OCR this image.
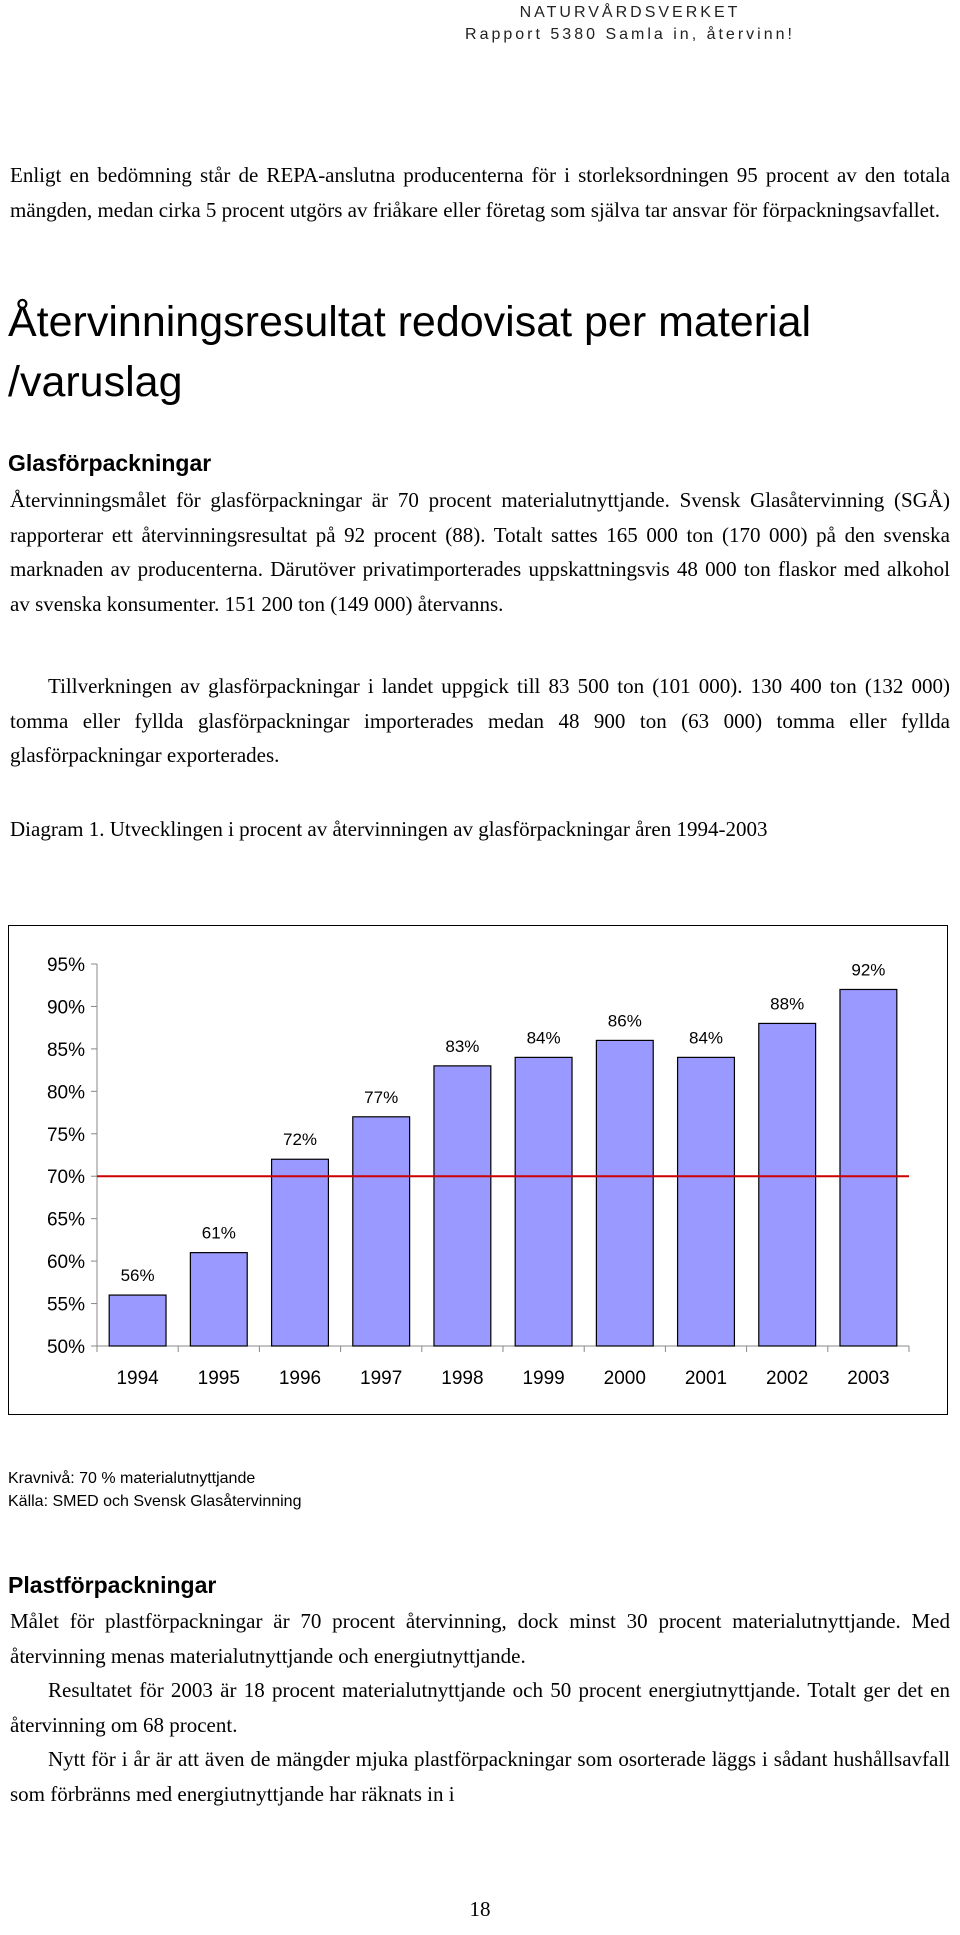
NATURVÅRDSVERKET
Rapport 5380 Samla in, återvinn!
Enligt en bedömning står de REPA-anslutna producenterna för i storleksordningen 95 procent av den totala mängden, medan cirka 5 procent utgörs av friåkare eller företag som själva tar ansvar för förpackningsavfallet.
Återvinningsresultat redovisat per material /varuslag
Glasförpackningar
Återvinningsmålet för glasförpackningar är 70 procent materialutnyttjande. Svensk Glasåtervinning (SGÅ) rapporterar ett återvinningsresultat på 92 procent (88). Totalt sattes 165 000 ton (170 000) på den svenska marknaden av producenterna. Därutöver privatimporterades uppskattningsvis 48 000 ton flaskor med alkohol av svenska konsumenter. 151 200 ton (149 000) återvanns.
Tillverkningen av glasförpackningar i landet uppgick till 83 500 ton (101 000). 130 400 ton (132 000) tomma eller fyllda glasförpackningar importerades medan 48 900 ton (63 000) tomma eller fyllda glasförpackningar exporterades.
Diagram 1. Utvecklingen i procent av återvinningen av glasförpackningar åren 1994-2003
50%
55%
60%
65%
70%
75%
80%
85%
90%
95%
56%
1994
61%
1995
72%
1996
77%
1997
83%
1998
84%
1999
86%
2000
84%
2001
88%
2002
92%
2003
Kravnivå: 70 % materialutnyttjande
Källa: SMED och Svensk Glasåtervinning
Plastförpackningar
Målet för plastförpackningar är 70 procent återvinning, dock minst 30 procent materialutnyttjande. Med återvinning menas materialutnyttjande och energiutnyttjande.
Resultatet för 2003 är 18 procent materialutnyttjande och 50 procent energiutnyttjande. Totalt ger det en återvinning om 68 procent.
Nytt för i år är att även de mängder mjuka plastförpackningar som osorterade läggs i sådant hushållsavfall som förbränns med energiutnyttjande har räknats in i
18
